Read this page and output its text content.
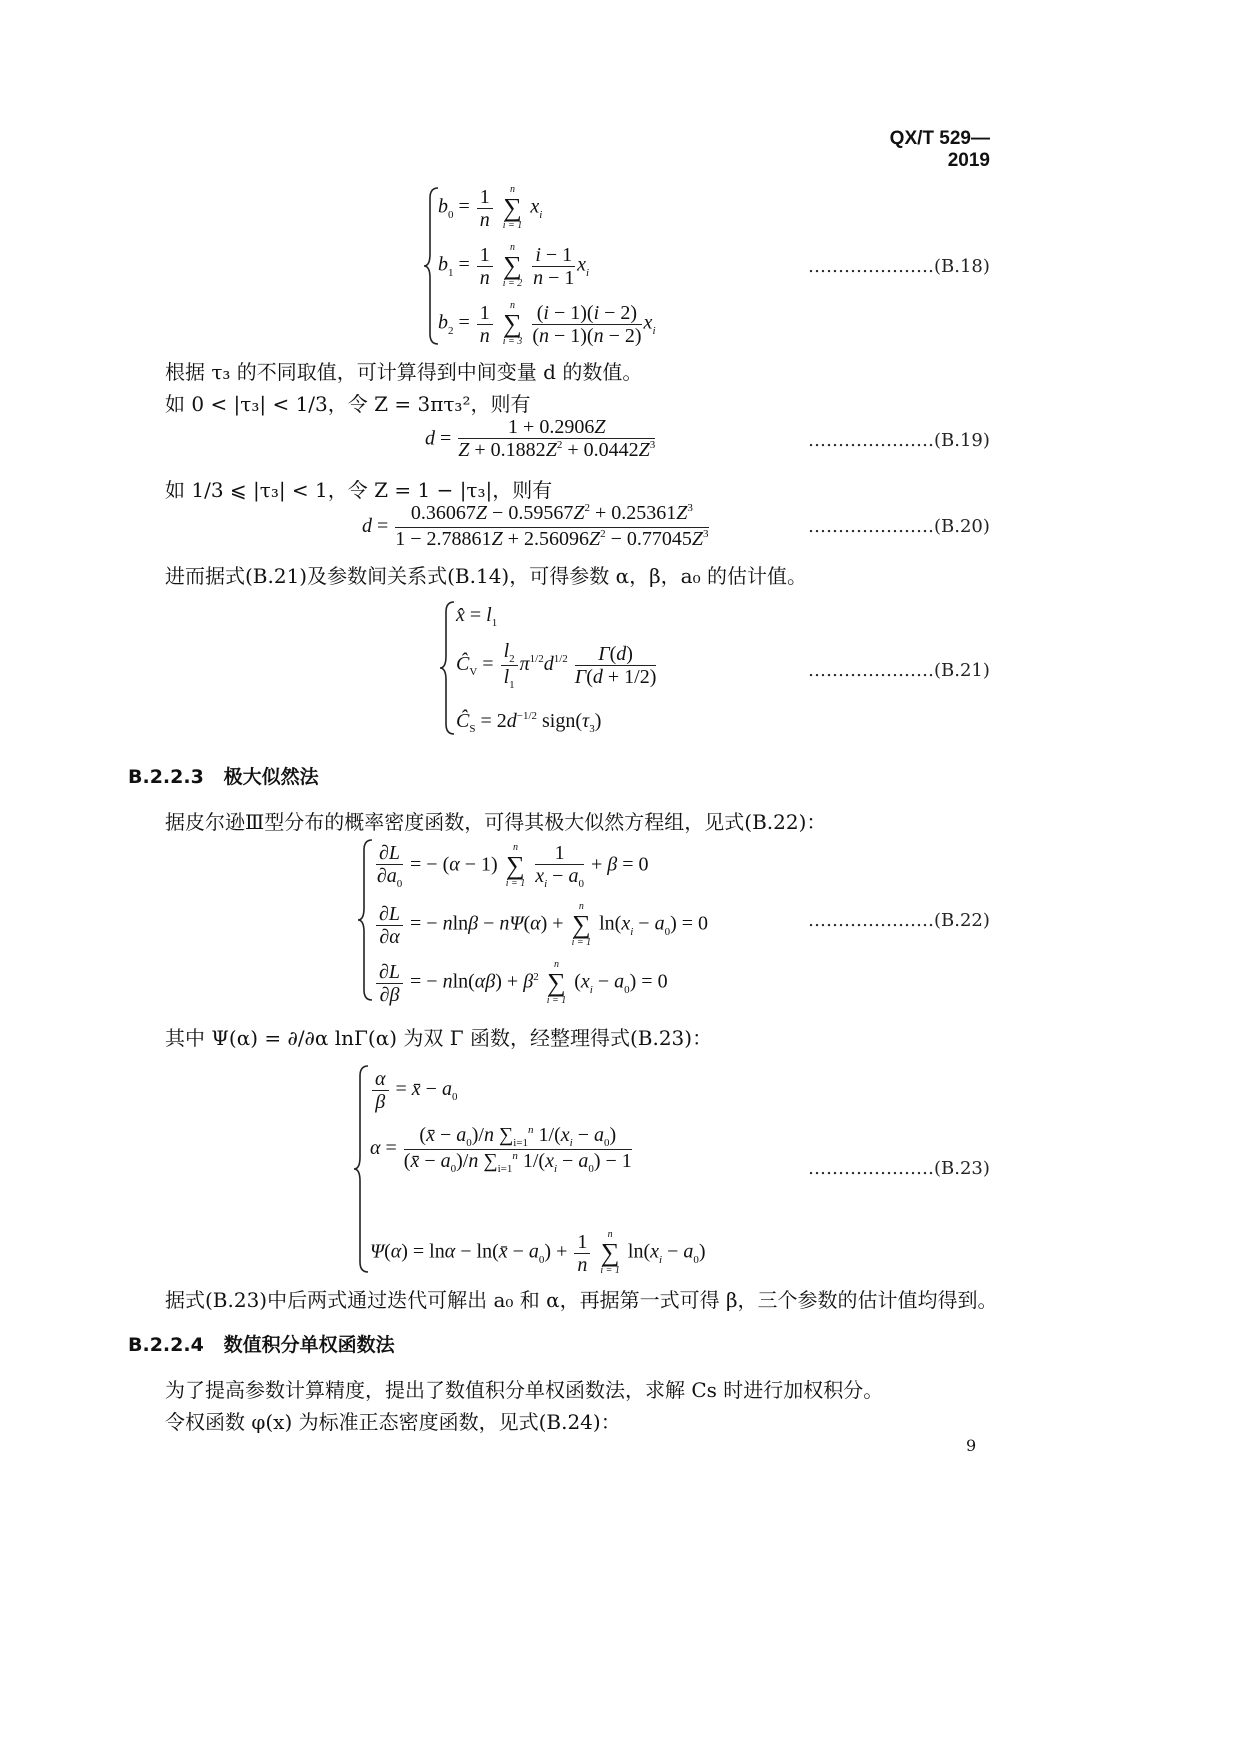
QX/T 529—2019
$b_0 = \frac{1}{n}$
	n
∑
i = 1
$x_i$
$b_1 = \frac{1}{n}$
	n
∑
i = 2
$\frac{i - 1}{n - 1} x_i$
$b_2 = \frac{1}{n}$
	n
∑
i = 3
$\frac{(i - 1)(i - 2)}{(n - 1)(n - 2)} x_i$
…………………(B.18)
根据 τ₃ 的不同取值，可计算得到中间变量 d 的数值。
如 0 < |τ₃| < 1/3，令 Z = 3πτ₃²，则有
$d = \frac{1 + 0.2906Z}{Z + 0.1882Z^2 + 0.0442Z^3}$	…………………(B.19)
如 1/3 ⩽ |τ₃| < 1，令 Z = 1 − |τ₃|，则有
$d = \frac{0.36067Z - 0.59567Z^2 + 0.25361Z^3}{1 - 2.78861Z + 2.56096Z^2 - 0.77045Z^3}$	…………………(B.20)
进而据式(B.21)及参数间关系式(B.14)，可得参数 α，β，a₀ 的估计值。
x̂ = $l_1$
$Ĉ_V = \frac{l_2}{l_1} \pi^{1/2}d^{1/2} \frac{\Gamma(d)}{\Gamma(d + 1/2)}$
$Ĉ_S = 2d^{-1/2}$ $sign(\tau_3)$
…………………(B.21)
B.2.2.3 极大似然法
据皮尔逊Ⅲ型分布的概率密度函数，可得其极大似然方程组，见式(B.22)：
$\frac{\partial L}{\partial a_0}$ = − (α − 1)
n
∑
i = 1
$\frac{1}{x_i - a_0} + \beta = 0$
$\frac{\partial L}{\partial\alpha}$ = − nlnβ − nΨ(α) +
n
∑
i = 1
$\ln(x_i - a_0) = 0$
$\frac{\partial L}{\partial\beta}$ = − $nln(\alpha\beta) + \beta^2$
n
∑
i = 1
$(x_i - a_0) = 0$
…………………(B.22)
其中 Ψ(α) = ∂/∂α lnΓ(α) 为双 Γ 函数，经整理得式(B.23)：
$\frac{\alpha}{\beta}$ = x̄ − $a_0$
$\alpha = \frac{(x̄ - a_0)/n \sum_{i=1}^n 1/(x_i - a_0)}{(x̄ - a_0)/n \sum_{i=1}^n 1/(x_i - a_0) - 1}$
Ψ(α) = lnα − ln(x̄ − $a_0) + \frac{1}{n}$
	n
∑
i = 1
$\ln(x_i - a_0)$
…………………(B.23)
据式(B.23)中后两式通过迭代可解出 a₀ 和 α，再据第一式可得 β，三个参数的估计值均得到。
B.2.2.4 数值积分单权函数法
为了提高参数计算精度，提出了数值积分单权函数法，求解 Cs 时进行加权积分。
令权函数 φ(x) 为标准正态密度函数，见式(B.24)：
9
